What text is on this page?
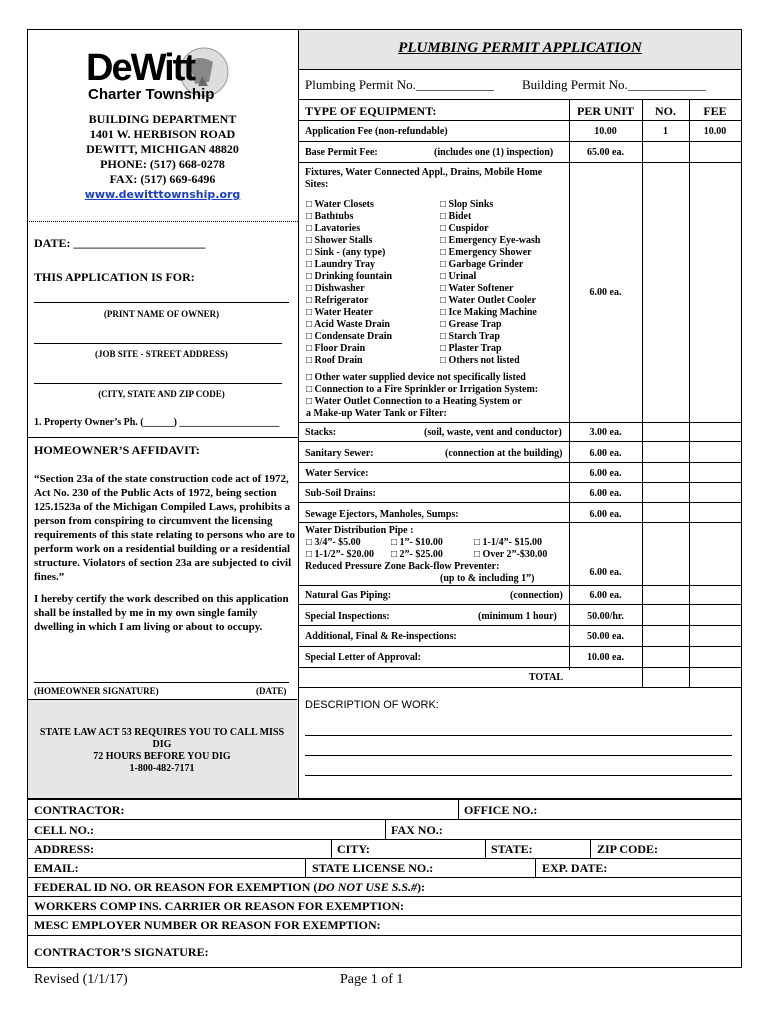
DeWitt
Charter Township
BUILDING DEPARTMENT
1401 W. HERBISON ROAD
DEWITT, MICHIGAN 48820
PHONE: (517) 668-0278
FAX: (517) 669-6496
www.dewitttownship.org
DATE: ______________________
THIS APPLICATION IS FOR:
(PRINT NAME OF OWNER)
(JOB SITE - STREET ADDRESS)
(CITY, STATE AND ZIP CODE)
1. Property Owner’s Ph. (______) ____________________
HOMEOWNER’S AFFIDAVIT:
“Section 23a of the state construction code act of 1972, Act No. 230 of the Public Acts of 1972, being section 125.1523a of the Michigan Compiled Laws, prohibits a person from conspiring to circumvent the licensing requirements of this state relating to persons who are to perform work on a residential building or a residential structure. Violators of section 23a are subjected to civil fines.”
I hereby certify the work described on this application shall be installed by me in my own single family dwelling in which I am living or about to occupy.
(HOMEOWNER SIGNATURE)	(DATE)
STATE LAW ACT 53 REQUIRES YOU TO CALL MISS DIG
72 HOURS BEFORE YOU DIG
1-800-482-7171
PLUMBING PERMIT APPLICATION
Plumbing Permit No.____________ Building Permit No.____________
TYPE OF EQUIPMENT:	PER UNIT	NO.	FEE
Application Fee (non-refundable)	10.00	1	10.00
Base Permit Fee:	(includes one (1) inspection)	65.00 ea.
Fixtures, Water Connected Appl., Drains, Mobile Home Sites:
□ Water Closets
□ Bathtubs
□ Lavatories
□ Shower Stalls
□ Sink - (any type)
□ Laundry Tray
□ Drinking fountain
□ Dishwasher
□ Refrigerator
□ Water Heater
□ Acid Waste Drain
□ Condensate Drain
□ Floor Drain
□ Roof Drain
□ Slop Sinks
□ Bidet
□ Cuspidor
□ Emergency Eye-wash
□ Emergency Shower
□ Garbage Grinder
□ Urinal
□ Water Softener
□ Water Outlet Cooler
□ Ice Making Machine
□ Grease Trap
□ Starch Trap
□ Plaster Trap
□ Others not listed
□ Other water supplied device not specifically listed
□ Connection to a Fire Sprinkler or Irrigation System:
□ Water Outlet Connection to a Heating System or
a Make-up Water Tank or Filter:
6.00 ea.
Stacks:	(soil, waste, vent and conductor)	3.00 ea.
Sanitary Sewer:	(connection at the building)	6.00 ea.
Water Service:	6.00 ea.
Sub-Soil Drains:	6.00 ea.
Sewage Ejectors, Manholes, Sumps:	6.00 ea.
Water Distribution Pipe :
□ 3/4”- $5.00	□ 1”- $10.00	□ 1-1/4”- $15.00
□ 1-1/2”- $20.00 □ 2”- $25.00	□ Over 2”-$30.00
Reduced Pressure Zone Back-flow Preventer:
(up to & including 1”)
6.00 ea.
Natural Gas Piping:	(connection)	6.00 ea.
Special Inspections:	(minimum 1 hour)	50.00/hr.
Additional, Final & Re-inspections:	50.00 ea.
Special Letter of Approval:	10.00 ea.
TOTAL
DESCRIPTION OF WORK:
CONTRACTOR:	OFFICE NO.:
CELL NO.:	FAX NO.:
ADDRESS:	CITY:	STATE:	ZIP CODE:
EMAIL:	STATE LICENSE NO.:	EXP. DATE:
FEDERAL ID NO. OR REASON FOR EXEMPTION (DO NOT USE S.S.#):
WORKERS COMP INS. CARRIER OR REASON FOR EXEMPTION:
MESC EMPLOYER NUMBER OR REASON FOR EXEMPTION:
CONTRACTOR’S SIGNATURE:
Revised (1/1/17)	Page 1 of 1
